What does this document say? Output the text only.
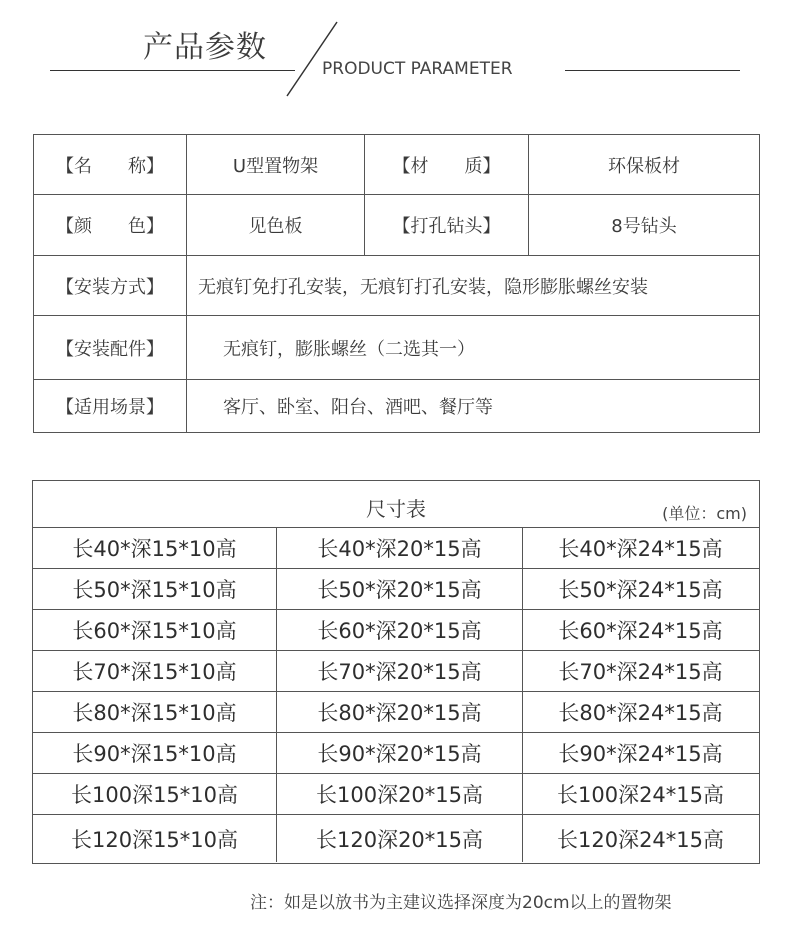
产品参数
PRODUCT PARAMETER
【名　　称】	U型置物架	【材　　质】	环保板材
【颜　　色】	见色板	【打孔钻头】	8号钻头
【安装方式】	无痕钉免打孔安装，无痕钉打孔安装，隐形膨胀螺丝安装
【安装配件】	无痕钉，膨胀螺丝（二选其一）
【适用场景】	客厅、卧室、阳台、酒吧、餐厅等
尺寸表	(单位：cm)
长40*深15*10高	长40*深20*15高	长40*深24*15高
长50*深15*10高	长50*深20*15高	长50*深24*15高
长60*深15*10高	长60*深20*15高	长60*深24*15高
长70*深15*10高	长70*深20*15高	长70*深24*15高
长80*深15*10高	长80*深20*15高	长80*深24*15高
长90*深15*10高	长90*深20*15高	长90*深24*15高
长100深15*10高	长100深20*15高	长100深24*15高
长120深15*10高	长120深20*15高	长120深24*15高
注：如是以放书为主建议选择深度为20cm以上的置物架
